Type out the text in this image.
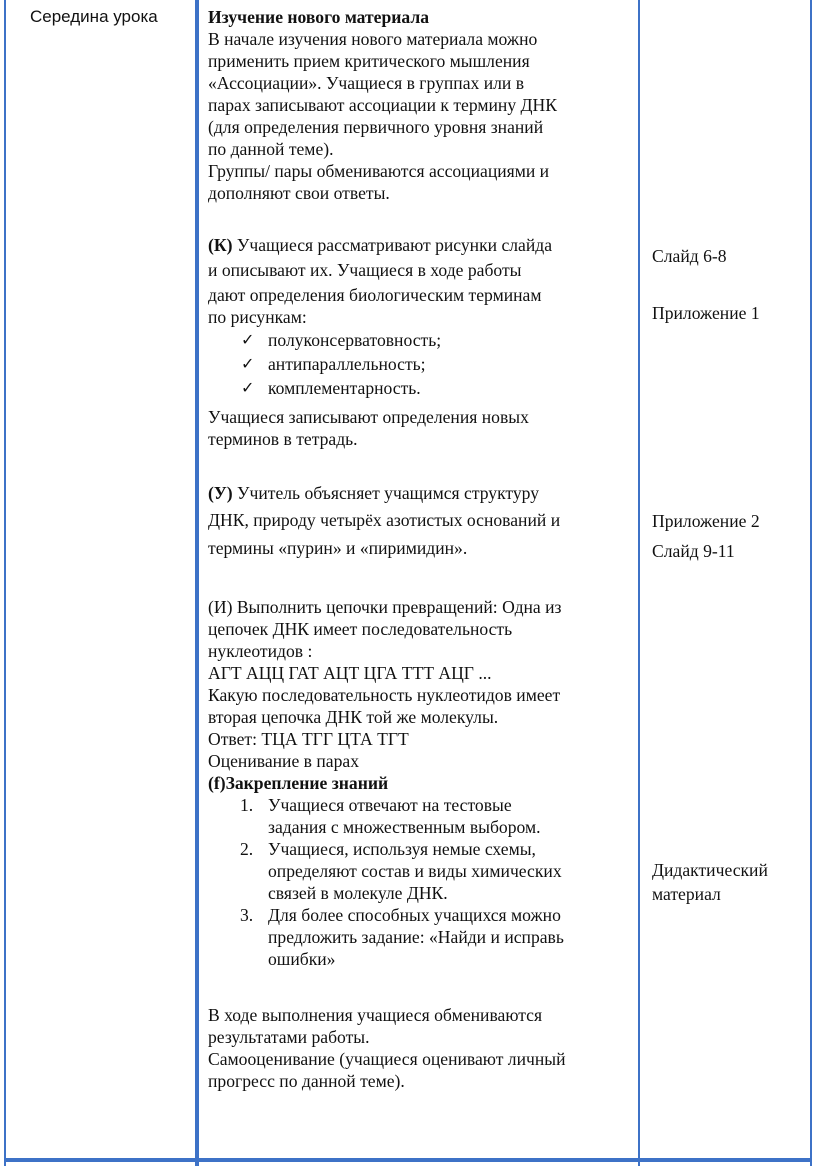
Середина урока	Изучение нового материала

В начале изучения нового материала можно

применить прием критического мышления

«Ассоциации». Учащиеся в группах или в

парах записывают ассоциации к термину ДНК

(для определения первичного уровня знаний

по данной теме).

Группы/ пары обмениваются ассоциациями и

дополняют свои ответы.

(К) Учащиеся рассматривают рисунки слайда

и описывают их. Учащиеся в ходе работы

дают определения биологическим терминам

по рисункам:

✓ полуконсерватовность;
✓ антипараллельность;
✓ комплементарность.

Учащиеся записывают определения новых

терминов в тетрадь.

(У) Учитель объясняет учащимся структуру

ДНК, природу четырёх азотистых оснований и

термины «пурин» и «пиримидин».

(И) Выполнить цепочки превращений: Одна из

цепочек ДНК имеет последовательность

нуклеотидов :

АГТ АЦЦ ГАТ АЦТ ЦГА ТТТ АЦГ ...

Какую последовательность нуклеотидов имеет

вторая цепочка ДНК той же молекулы.

Ответ: ТЦА ТГГ ЦТА ТГТ

Оценивание в парах

(f)Закрепление знаний

1. Учащиеся отвечают на тестовые
задания с множественным выбором.
2. Учащиеся, используя немые схемы,
определяют состав и виды химических
связей в молекуле ДНК.
3. Для более способных учащихся можно
предложить задание: «Найди и исправь
ошибки»

В ходе выполнения учащиеся обмениваются

результатами работы.

Самооценивание (учащиеся оценивают личный

прогресс по данной теме).

Слайд 6-8
Приложение 1
Приложение 2
Слайд 9-11
Дидактический
материал
